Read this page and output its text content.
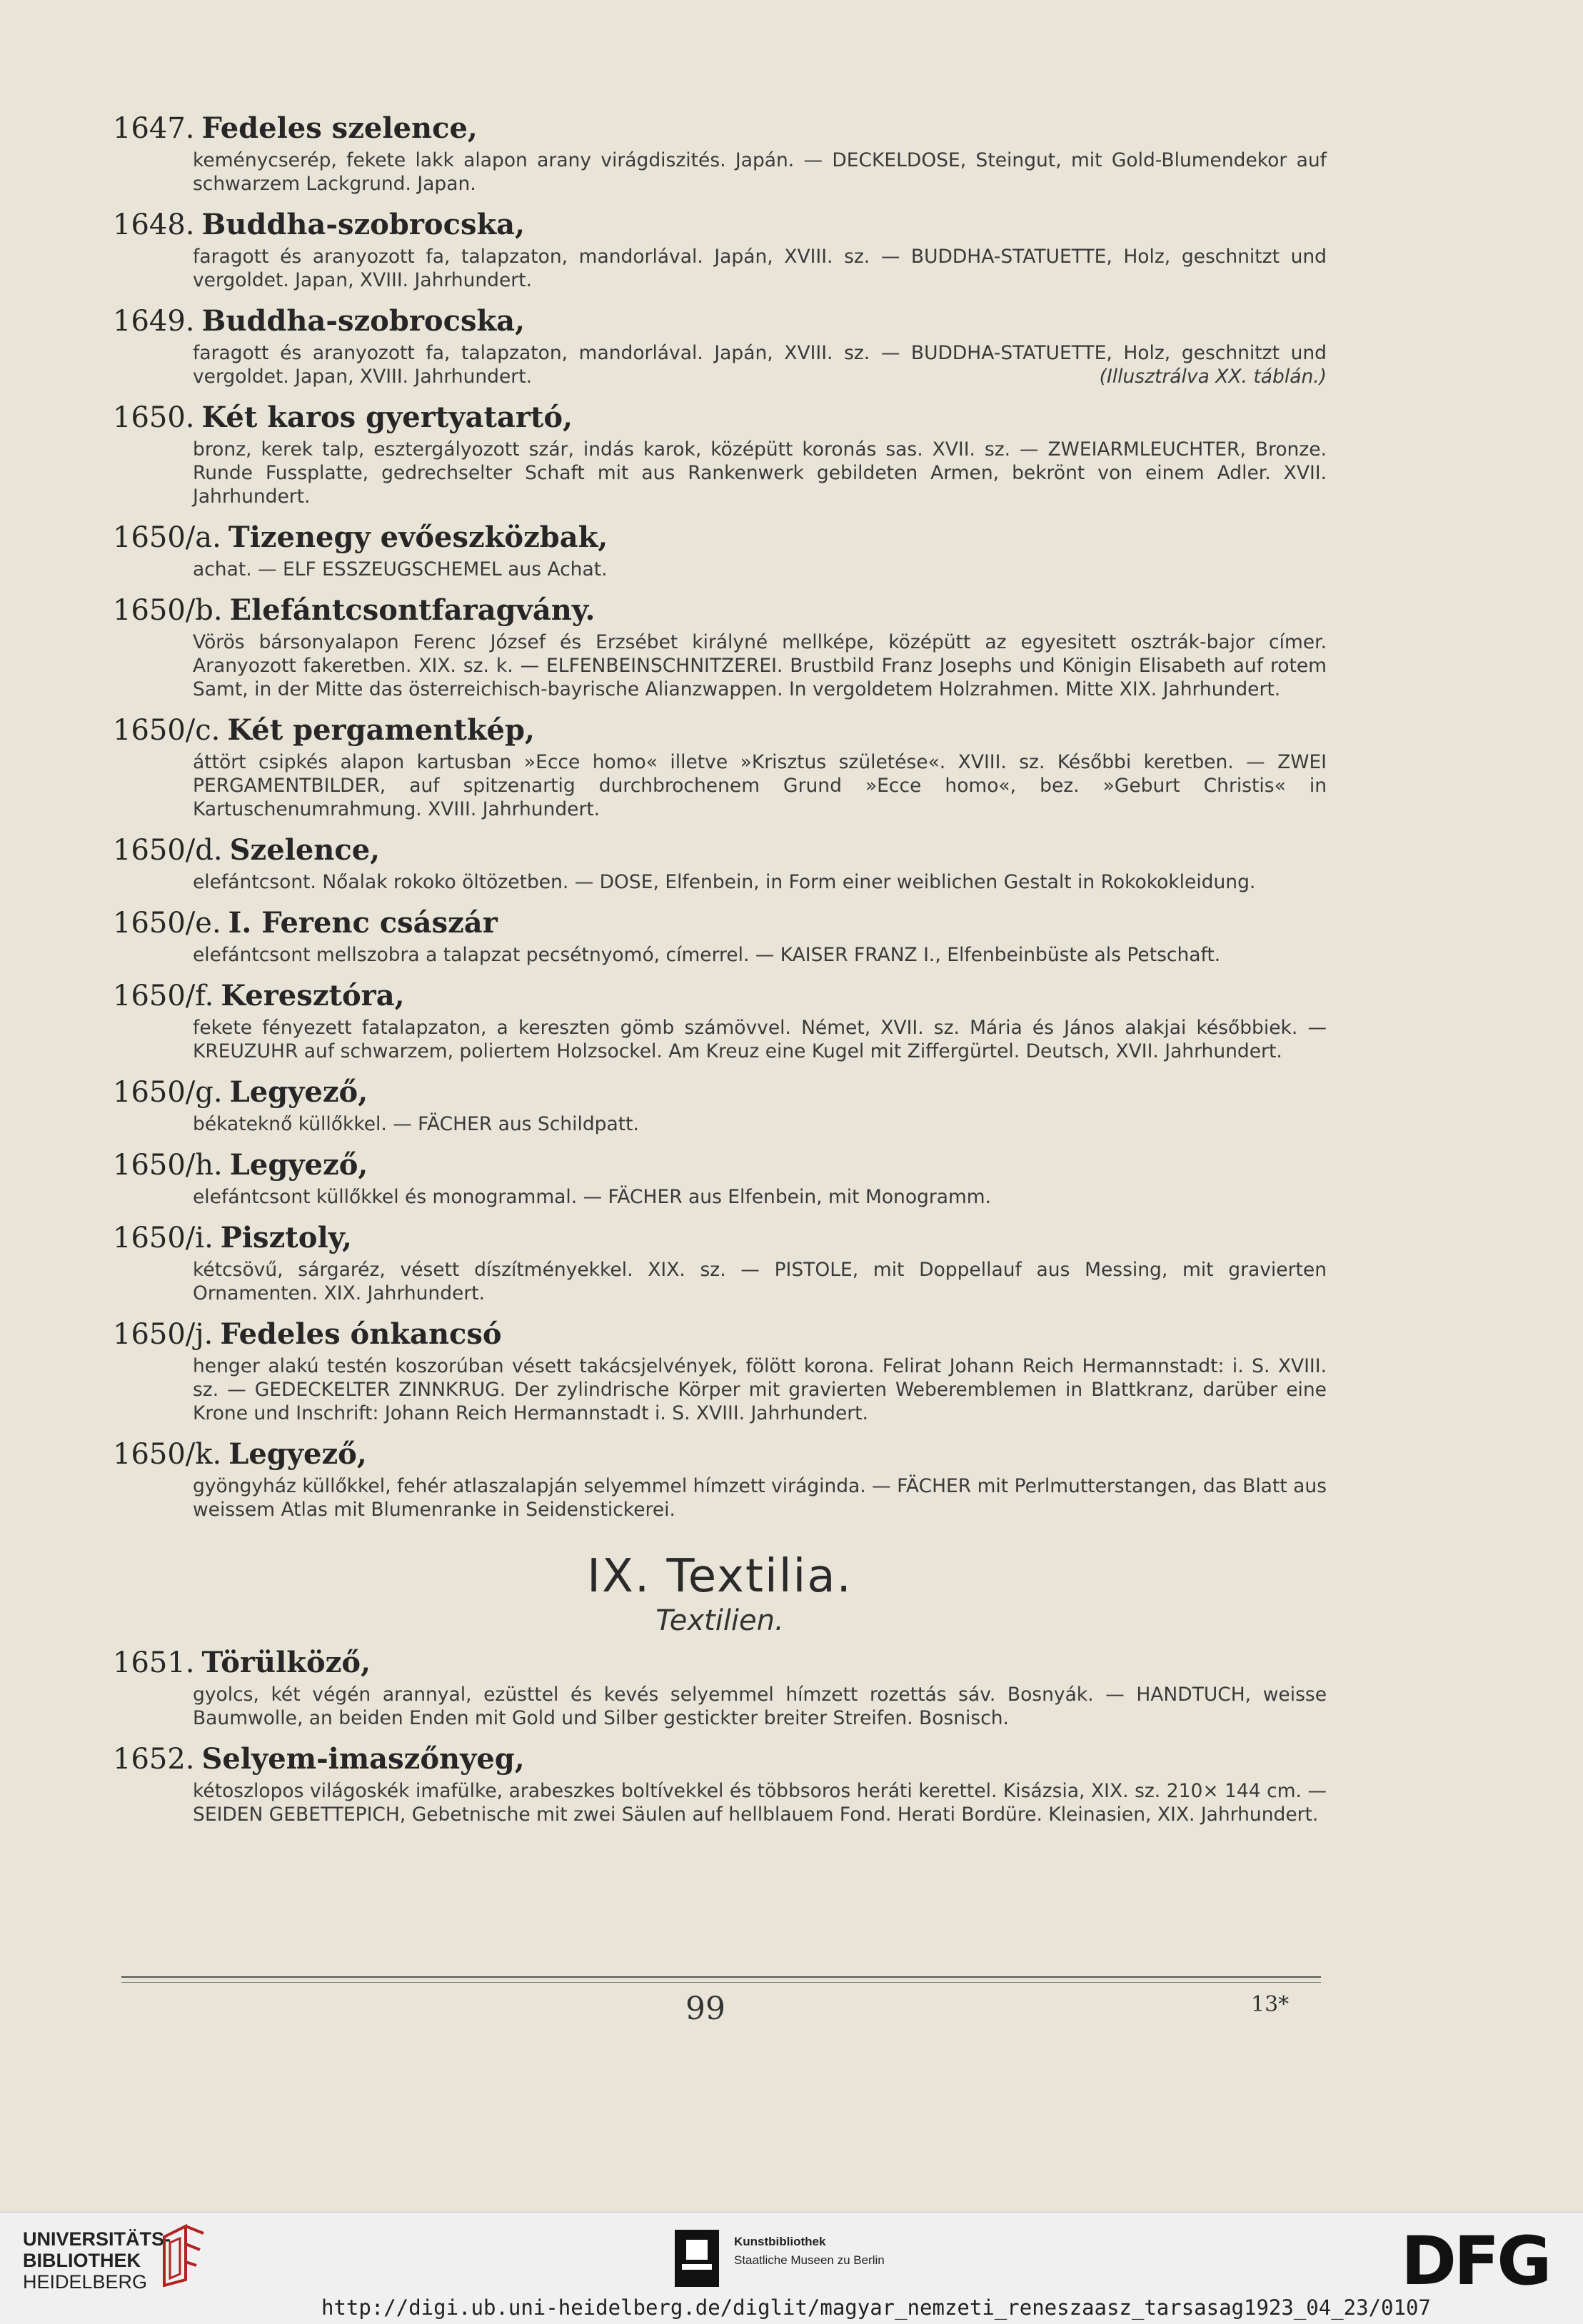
1647. Fedeles szelence,
keménycserép, fekete lakk alapon arany virágdiszités. Japán. — DECKELDOSE, Steingut, mit Gold-Blumendekor auf schwarzem Lackgrund. Japan.
1648. Buddha-szobrocska,
faragott és aranyozott fa, talapzaton, mandorlával. Japán, XVIII. sz. — BUDDHA-STATUETTE, Holz, geschnitzt und vergoldet. Japan, XVIII. Jahrhundert.
1649. Buddha-szobrocska,
faragott és aranyozott fa, talapzaton, mandorlával. Japán, XVIII. sz. — BUDDHA-STATUETTE, Holz, geschnitzt und vergoldet. Japan, XVIII. Jahrhundert.	(Illusztrálva XX. táblán.)
1650. Két karos gyertyatartó,
bronz, kerek talp, esztergályozott szár, indás karok, középütt koronás sas. XVII. sz. — ZWEIARMLEUCHTER, Bronze. Runde Fussplatte, gedrechselter Schaft mit aus Rankenwerk gebildeten Armen, bekrönt von einem Adler. XVII. Jahrhundert.
1650/a. Tizenegy evőeszközbak,
achat. — ELF ESSZEUGSCHEMEL aus Achat.
1650/b. Elefántcsontfaragvány.
Vörös bársonyalapon Ferenc József és Erzsébet királyné mellképe, középütt az egyesitett osztrák-bajor címer. Aranyozott fakeretben. XIX. sz. k. — ELFENBEINSCHNITZEREI. Brustbild Franz Josephs und Königin Elisabeth auf rotem Samt, in der Mitte das österreichisch-bayrische Alianzwappen. In vergoldetem Holzrahmen. Mitte XIX. Jahrhundert.
1650/c. Két pergamentkép,
áttört csipkés alapon kartusban »Ecce homo« illetve »Krisztus születése«. XVIII. sz. Későbbi keretben. — ZWEI PERGAMENTBILDER, auf spitzenartig durchbrochenem Grund »Ecce homo«, bez. »Geburt Christis« in Kartuschenumrahmung. XVIII. Jahrhundert.
1650/d. Szelence,
elefántcsont. Nőalak rokoko öltözetben. — DOSE, Elfenbein, in Form einer weiblichen Gestalt in Rokokokleidung.
1650/e. I. Ferenc császár
elefántcsont mellszobra a talapzat pecsétnyomó, címerrel. — KAISER FRANZ I., Elfenbeinbüste als Petschaft.
1650/f. Keresztóra,
fekete fényezett fatalapzaton, a kereszten gömb számövvel. Német, XVII. sz. Mária és János alakjai későbbiek. — KREUZUHR auf schwarzem, poliertem Holzsockel. Am Kreuz eine Kugel mit Ziffergürtel. Deutsch, XVII. Jahrhundert.
1650/g. Legyező,
békateknő küllőkkel. — FÄCHER aus Schildpatt.
1650/h. Legyező,
elefántcsont küllőkkel és monogrammal. — FÄCHER aus Elfenbein, mit Monogramm.
1650/i. Pisztoly,
kétcsövű, sárgaréz, vésett díszítményekkel. XIX. sz. — PISTOLE, mit Doppellauf aus Messing, mit gravierten Ornamenten. XIX. Jahrhundert.
1650/j. Fedeles ónkancsó
henger alakú testén koszorúban vésett takácsjelvények, fölött korona. Felirat Johann Reich Hermannstadt: i. S. XVIII. sz. — GEDECKELTER ZINNKRUG. Der zylindrische Körper mit gravierten Weberemblemen in Blattkranz, darüber eine Krone und Inschrift: Johann Reich Hermannstadt i. S. XVIII. Jahrhundert.
1650/k. Legyező,
gyöngyház küllőkkel, fehér atlaszalapján selyemmel hímzett viráginda. — FÄCHER mit Perlmutterstangen, das Blatt aus weissem Atlas mit Blumenranke in Seidenstickerei.
IX. Textilia.
Textilien.
1651. Törülköző,
gyolcs, két végén arannyal, ezüsttel és kevés selyemmel hímzett rozettás sáv. Bosnyák. — HANDTUCH, weisse Baumwolle, an beiden Enden mit Gold und Silber gestickter breiter Streifen. Bosnisch.
1652. Selyem-imaszőnyeg,
kétoszlopos világoskék imafülke, arabeszkes boltívekkel és többsoros heráti kerettel. Kisázsia, XIX. sz. 210× 144 cm. — SEIDEN GEBETTEPICH, Gebetnische mit zwei Säulen auf hellblauem Fond. Herati Bordüre. Kleinasien, XIX. Jahrhundert.
99	13*
UNIVERSITÄTS-
BIBLIOTHEK
HEIDELBERG
Kunstbibliothek
Staatliche Museen zu Berlin	DFG
http://digi.ub.uni-heidelberg.de/diglit/magyar_nemzeti_reneszaasz_tarsasag1923_04_23/0107
